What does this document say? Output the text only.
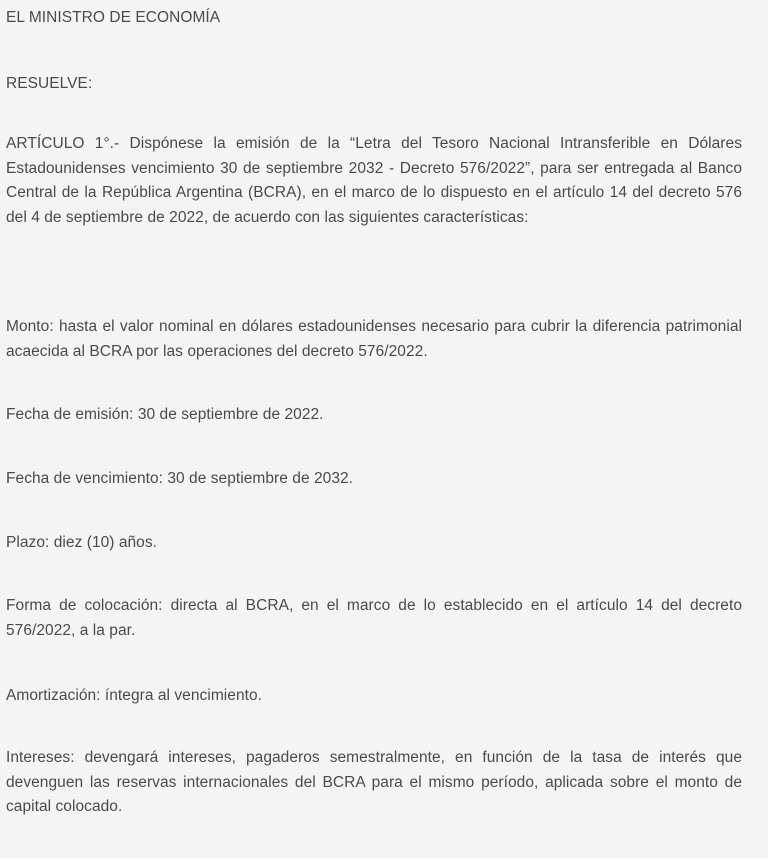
EL MINISTRO DE ECONOMÍA

RESUELVE:

ARTÍCULO 1°.- Dispónese la emisión de la “Letra del Tesoro Nacional Intransferible en Dólares Estadounidenses vencimiento 30 de septiembre 2032 - Decreto 576/2022”, para ser entregada al Banco Central de la República Argentina (BCRA), en el marco de lo dispuesto en el artículo 14 del decreto 576 del 4 de septiembre de 2022, de acuerdo con las siguientes características:

Monto: hasta el valor nominal en dólares estadounidenses necesario para cubrir la diferencia patrimonial acaecida al BCRA por las operaciones del decreto 576/2022.

Fecha de emisión: 30 de septiembre de 2022.

Fecha de vencimiento: 30 de septiembre de 2032.

Plazo: diez (10) años.

Forma de colocación: directa al BCRA, en el marco de lo establecido en el artículo 14 del decreto 576/2022, a la par.

Amortización: íntegra al vencimiento.

Intereses: devengará intereses, pagaderos semestralmente, en función de la tasa de interés que devenguen las reservas internacionales del BCRA para el mismo período, aplicada sobre el monto de capital colocado.
